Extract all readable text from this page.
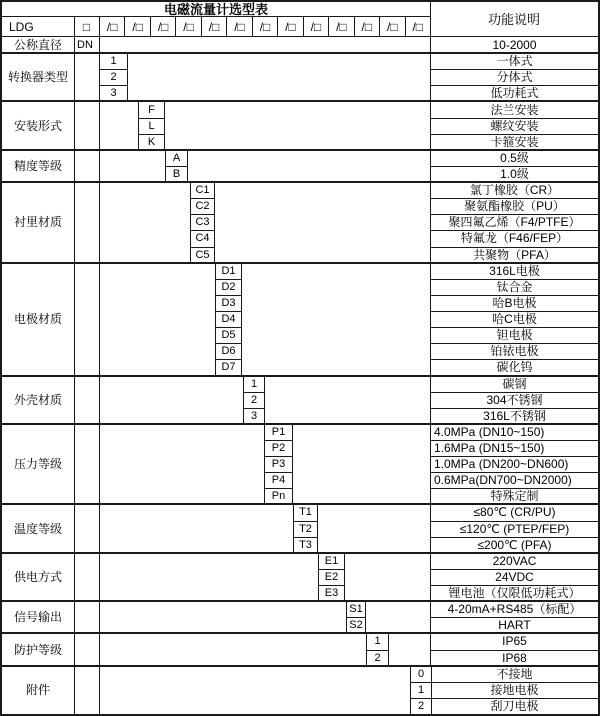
电磁流量计选型表
功能说明
LDG	□	/□	/□	/□	/□	/□	/□	/□	/□	/□	/□	/□	/□	/□
公称直径	DN	10-2000
转换器类型
1	一体式
2	分体式
3	低功耗式
安装形式
F	法兰安装
L	螺纹安装
K	卡箍安装
精度等级
A	0.5级
B	1.0级
衬里材质
C1	氯丁橡胶（CR）
C2	聚氨酯橡胶（PU）
C3	聚四氟乙烯（F4/PTFE）
C4	特氟龙（F46/FEP）
C5	共聚物（PFA）
电极材质
D1	316L电极
D2	钛合金
D3	哈B电极
D4	哈C电极
D5	钽电极
D6	铂铱电极
D7	碳化钨
外壳材质
1	碳钢
2	304不锈钢
3	316L不锈钢
压力等级
P1	4.0MPa (DN10~150)
P2	1.6MPa (DN15~150)
P3	1.0MPa (DN200~DN600)
P4	0.6MPa(DN700~DN2000)
Pn	特殊定制
温度等级
T1	≤80℃ (CR/PU)
T2	≤120℃ (PTEP/FEP)
T3	≤200℃ (PFA)
供电方式
E1	220VAC
E2	24VDC
E3	锂电池（仅限低功耗式）
信号输出
S1	4-20mA+RS485（标配）
S2	HART
防护等级
1	IP65
2	IP68
附件
0	不接地
1	接地电极
2	刮刀电极
